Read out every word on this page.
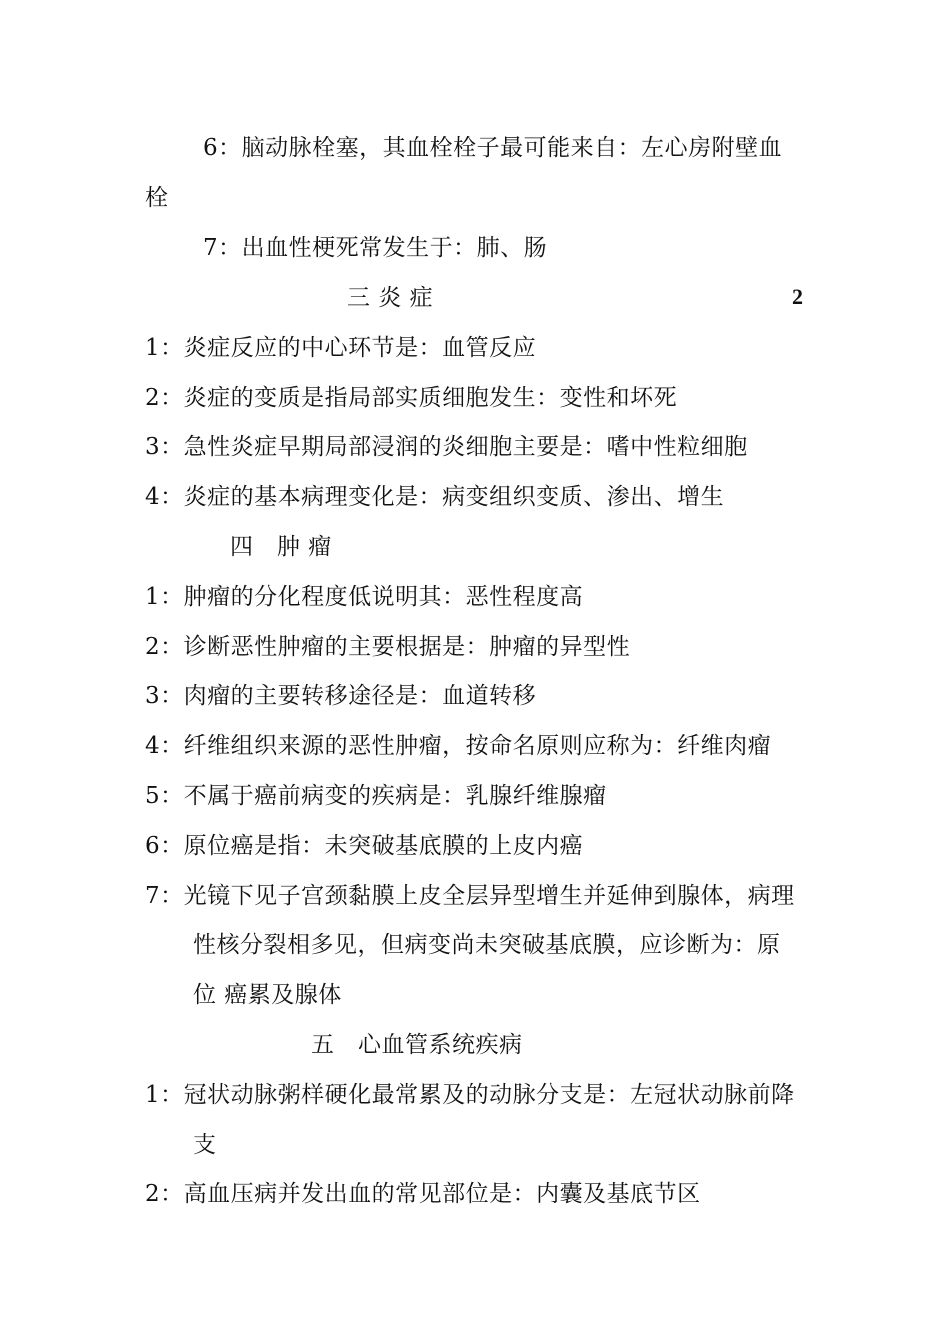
6：脑动脉栓塞，其血栓栓子最可能来自：左心房附壁血
栓
7：出血性梗死常发生于：肺、肠
三 炎 症	2
1：炎症反应的中心环节是：血管反应
2：炎症的变质是指局部实质细胞发生：变性和坏死
3：急性炎症早期局部浸润的炎细胞主要是：嗜中性粒细胞
4：炎症的基本病理变化是：病变组织变质、渗出、增生
四　肿 瘤
1：肿瘤的分化程度低说明其：恶性程度高
2：诊断恶性肿瘤的主要根据是：肿瘤的异型性
3：肉瘤的主要转移途径是：血道转移
4：纤维组织来源的恶性肿瘤，按命名原则应称为：纤维肉瘤
5：不属于癌前病变的疾病是：乳腺纤维腺瘤
6：原位癌是指：未突破基底膜的上皮内癌
7：光镜下见子宫颈黏膜上皮全层异型增生并延伸到腺体，病理
性核分裂相多见，但病变尚未突破基底膜，应诊断为：原
位 癌累及腺体
五　心血管系统疾病
1：冠状动脉粥样硬化最常累及的动脉分支是：左冠状动脉前降
支
2：高血压病并发出血的常见部位是：内囊及基底节区
